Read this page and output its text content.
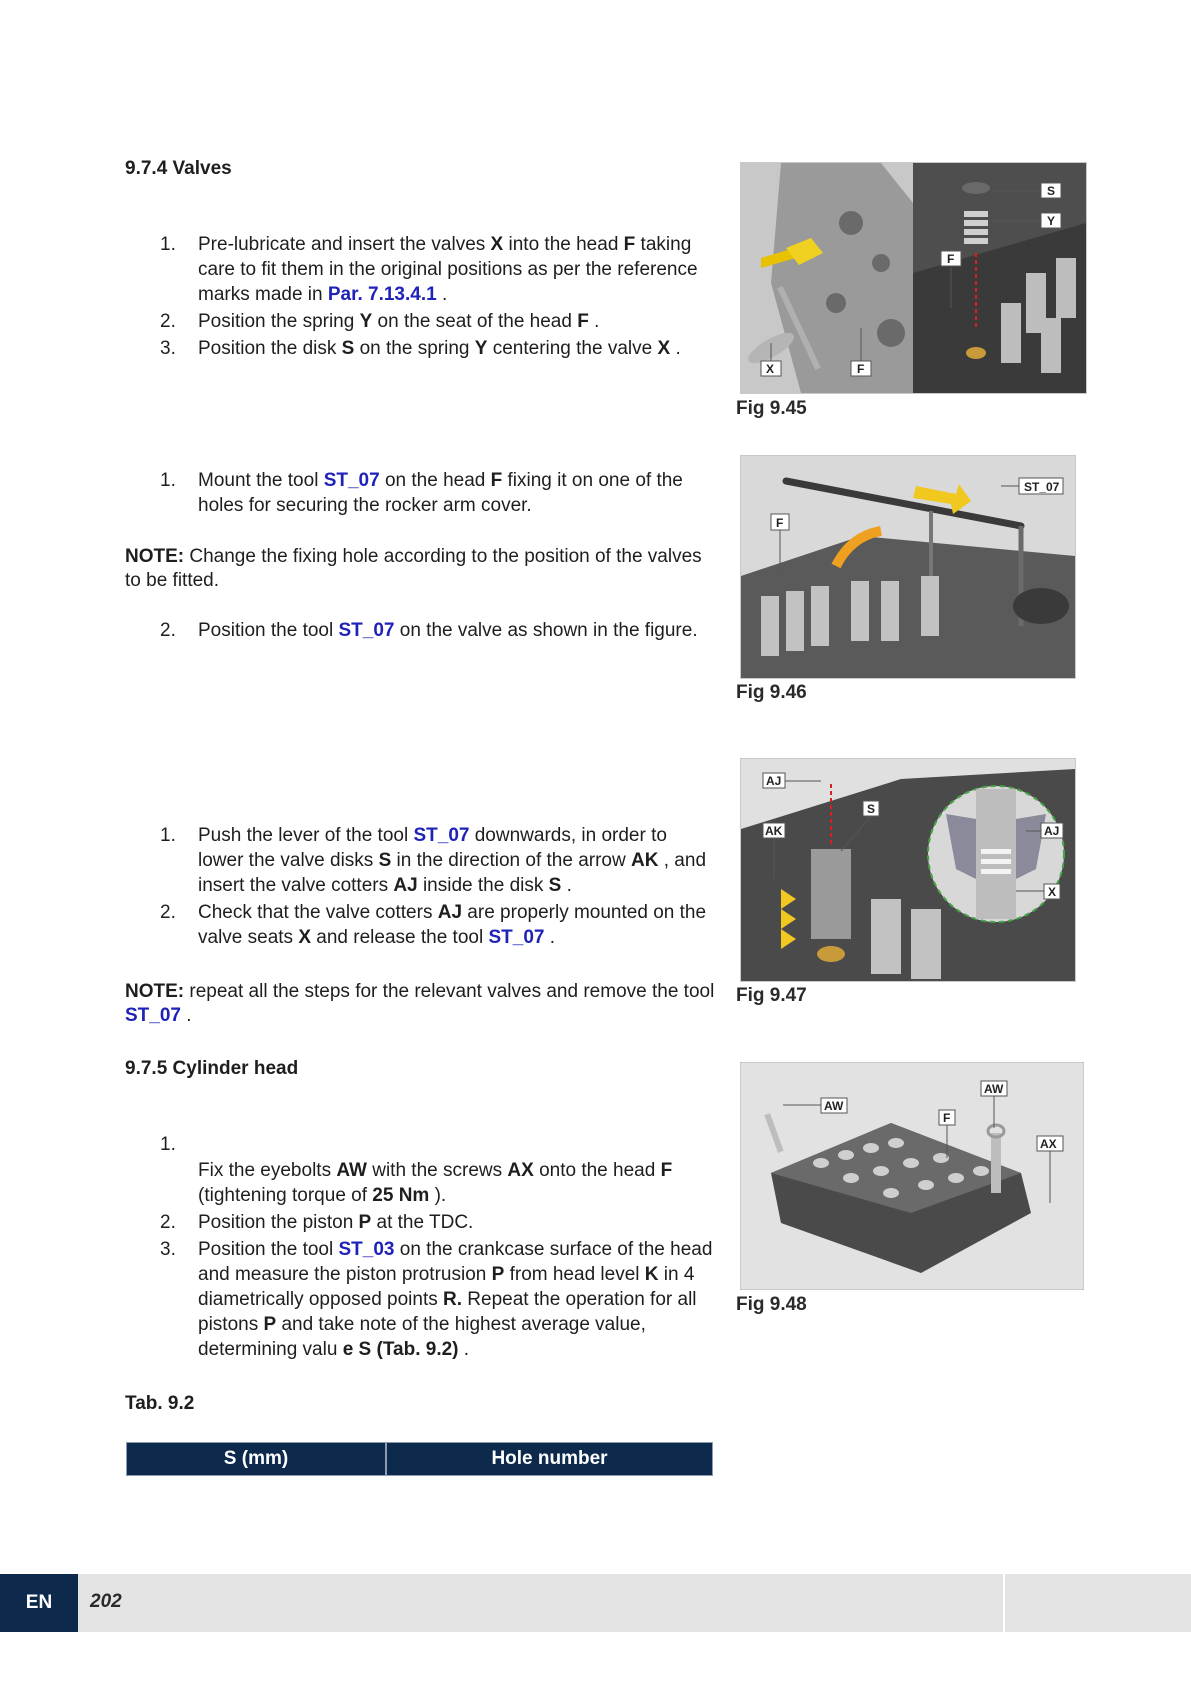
9.7.4 Valves
1.	Pre-lubricate and insert the valves X into the head F taking care to fit them in the original positions as per the reference marks made in Par. 7.13.4.1 .
2.	Position the spring Y on the seat of the head F .
3.	Position the disk S on the spring Y centering the valve X .
1.	Mount the tool ST_07 on the head F fixing it on one of the holes for securing the rocker arm cover.
NOTE: Change the fixing hole according to the position of the valves to be fitted.
2.	Position the tool ST_07 on the valve as shown in the figure.
1.	Push the lever of the tool ST_07 downwards, in order to lower the valve disks S in the direction of the arrow AK , and insert the valve cotters AJ inside the disk S .
2.	Check that the valve cotters AJ are properly mounted on the valve seats X and release the tool ST_07 .
NOTE: repeat all the steps for the relevant valves and remove the tool ST_07 .
9.7.5 Cylinder head
1.
Fix the eyebolts AW with the screws AX onto the head F (tightening torque of 25 Nm ).
2.	Position the piston P at the TDC.
3.	Position the tool ST_03 on the crankcase surface of the head and measure the piston protrusion P from head level K in 4 diametrically opposed points R. Repeat the operation for all pistons P and take note of the highest average value, determining valu e S (Tab. 9.2) .
Tab. 9.2
S (mm)	Hole number
X	F
F
S
Y
Fig 9.45
F
ST_07
Fig 9.46
AJ
AK
S
AJ
X
Fig 9.47
AW
AW
F
AX
Fig 9.48
EN	202
